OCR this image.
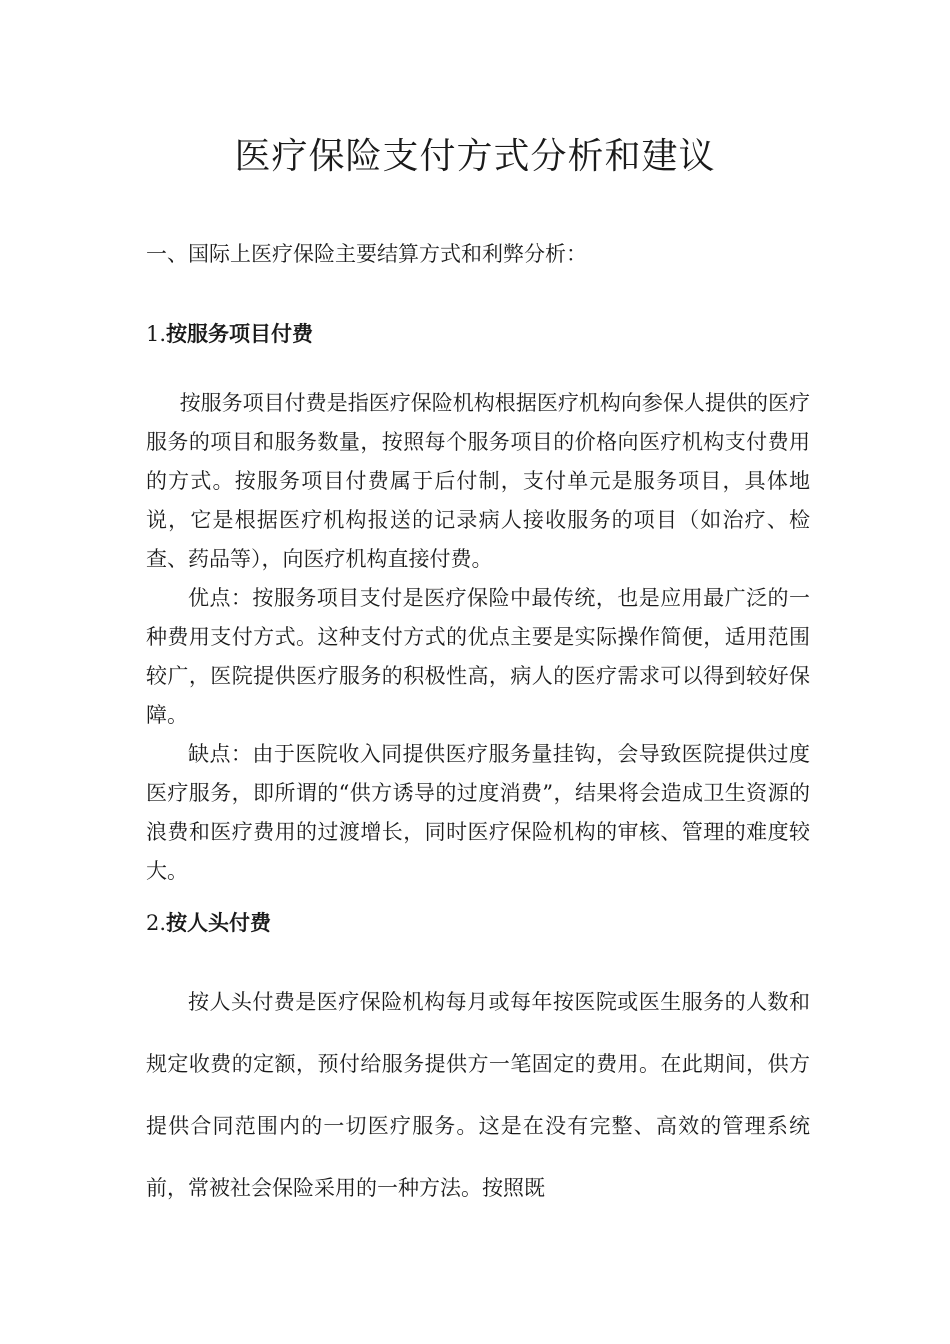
医疗保险支付方式分析和建议
一、国际上医疗保险主要结算方式和利弊分析：
1.按服务项目付费

按服务项目付费是指医疗保险机构根据医疗机构向参保人提供的医疗服务的项目和服务数量，按照每个服务项目的价格向医疗机构支付费用的方式。按服务项目付费属于后付制，支付单元是服务项目，具体地说，它是根据医疗机构报送的记录病人接收服务的项目（如治疗、检查、药品等），向医疗机构直接付费。

优点：按服务项目支付是医疗保险中最传统，也是应用最广泛的一种费用支付方式。这种支付方式的优点主要是实际操作简便，适用范围较广，医院提供医疗服务的积极性高，病人的医疗需求可以得到较好保障。

缺点：由于医院收入同提供医疗服务量挂钩，会导致医院提供过度医疗服务，即所谓的“供方诱导的过度消费”，结果将会造成卫生资源的浪费和医疗费用的过渡增长，同时医疗保险机构的审核、管理的难度较大。

2.按人头付费

按人头付费是医疗保险机构每月或每年按医院或医生服务的人数和规定收费的定额，预付给服务提供方一笔固定的费用。在此期间，供方提供合同范围内的一切医疗服务。这是在没有完整、高效的管理系统前，常被社会保险采用的一种方法。按照既
